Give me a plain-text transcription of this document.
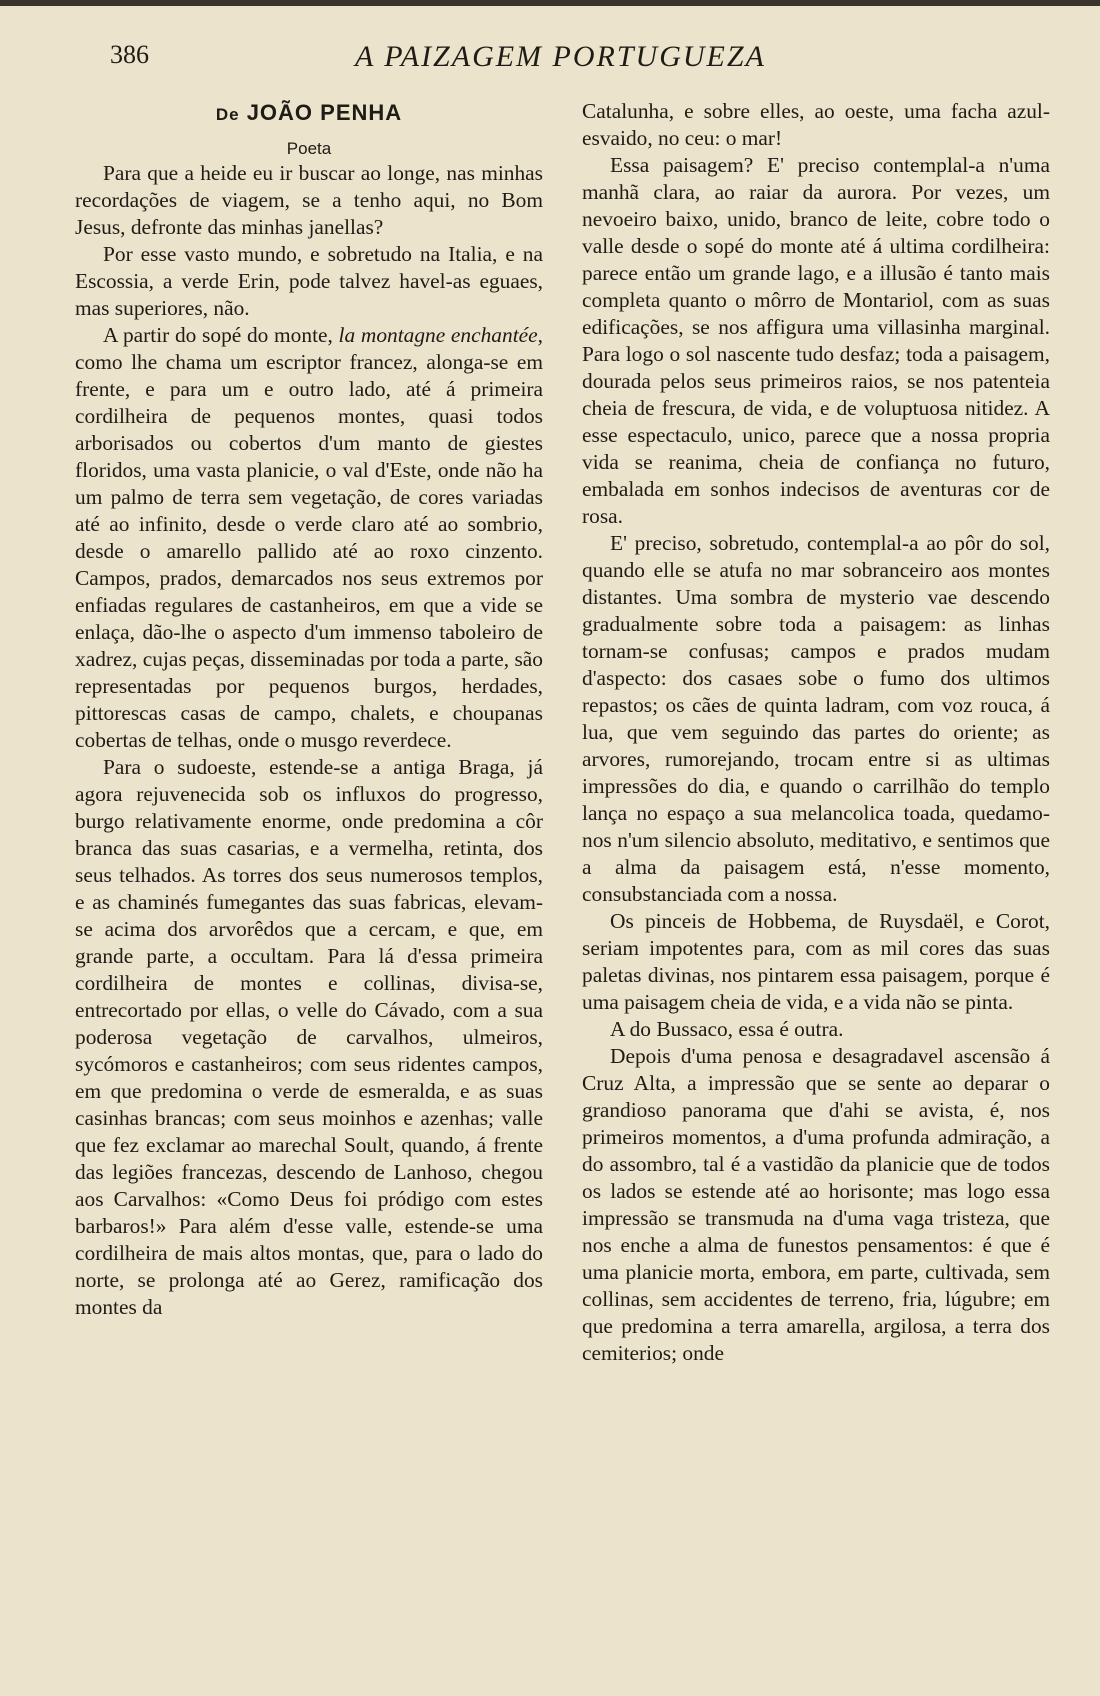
386	A PAIZAGEM PORTUGUEZA
De JOÃO PENHA

Poeta

Para que a heide eu ir buscar ao longe, nas minhas recordações de viagem, se a tenho aqui, no Bom Jesus, defronte das minhas janellas?

Por esse vasto mundo, e sobretudo na Italia, e na Escossia, a verde Erin, pode talvez havel-as eguaes, mas superiores, não.

A partir do sopé do monte, la montagne enchantée, como lhe chama um escriptor francez, alonga-se em frente, e para um e outro lado, até á primeira cordilheira de pequenos montes, quasi todos arborisados ou cobertos d'um manto de giestes floridos, uma vasta planicie, o val d'Este, onde não ha um palmo de terra sem vegetação, de cores variadas até ao infinito, desde o verde claro até ao sombrio, desde o amarello pallido até ao roxo cinzento. Campos, prados, demarcados nos seus extremos por enfiadas regulares de castanheiros, em que a vide se enlaça, dão-lhe o aspecto d'um immenso taboleiro de xadrez, cujas peças, disseminadas por toda a parte, são representadas por pequenos burgos, herdades, pittorescas casas de campo, chalets, e choupanas cobertas de telhas, onde o musgo reverdece.

Para o sudoeste, estende-se a antiga Braga, já agora rejuvenecida sob os influxos do progresso, burgo relativamente enorme, onde predomina a côr branca das suas casarias, e a vermelha, retinta, dos seus telhados. As torres dos seus numerosos templos, e as chaminés fumegantes das suas fabricas, elevam-se acima dos arvorêdos que a cercam, e que, em grande parte, a occultam. Para lá d'essa primeira cordilheira de montes e collinas, divisa-se, entrecortado por ellas, o velle do Cávado, com a sua poderosa vegetação de carvalhos, ulmeiros, sycómoros e castanheiros; com seus ridentes campos, em que predomina o verde de esmeralda, e as suas casinhas brancas; com seus moinhos e azenhas; valle que fez exclamar ao marechal Soult, quando, á frente das legiões francezas, descendo de Lanhoso, chegou aos Carvalhos: «Como Deus foi pródigo com estes barbaros!» Para além d'esse valle, estende-se uma cordilheira de mais altos montas, que, para o lado do norte, se prolonga até ao Gerez, ramificação dos montes da

Catalunha, e sobre elles, ao oeste, uma facha azul-esvaido, no ceu: o mar!

Essa paisagem? E' preciso contemplal-a n'uma manhã clara, ao raiar da aurora. Por vezes, um nevoeiro baixo, unido, branco de leite, cobre todo o valle desde o sopé do monte até á ultima cordilheira: parece então um grande lago, e a illusão é tanto mais completa quanto o môrro de Montariol, com as suas edificações, se nos affigura uma villasinha marginal. Para logo o sol nascente tudo desfaz; toda a paisagem, dourada pelos seus primeiros raios, se nos patenteia cheia de frescura, de vida, e de voluptuosa nitidez. A esse espectaculo, unico, parece que a nossa propria vida se reanima, cheia de confiança no futuro, embalada em sonhos indecisos de aventuras cor de rosa.

E' preciso, sobretudo, contemplal-a ao pôr do sol, quando elle se atufa no mar sobranceiro aos montes distantes. Uma sombra de mysterio vae descendo gradualmente sobre toda a paisagem: as linhas tornam-se confusas; campos e prados mudam d'aspecto: dos casaes sobe o fumo dos ultimos repastos; os cães de quinta ladram, com voz rouca, á lua, que vem seguindo das partes do oriente; as arvores, rumorejando, trocam entre si as ultimas impressões do dia, e quando o carrilhão do templo lança no espaço a sua melancolica toada, quedamo-nos n'um silencio absoluto, meditativo, e sentimos que a alma da paisagem está, n'esse momento, consubstanciada com a nossa.

Os pinceis de Hobbema, de Ruysdaël, e Corot, seriam impotentes para, com as mil cores das suas paletas divinas, nos pintarem essa paisagem, porque é uma paisagem cheia de vida, e a vida não se pinta.

A do Bussaco, essa é outra.

Depois d'uma penosa e desagradavel ascensão á Cruz Alta, a impressão que se sente ao deparar o grandioso panorama que d'ahi se avista, é, nos primeiros momentos, a d'uma profunda admiração, a do assombro, tal é a vastidão da planicie que de todos os lados se estende até ao horisonte; mas logo essa impressão se transmuda na d'uma vaga tristeza, que nos enche a alma de funestos pensamentos: é que é uma planicie morta, embora, em parte, cultivada, sem collinas, sem accidentes de terreno, fria, lúgubre; em que predomina a terra amarella, argilosa, a terra dos cemiterios; onde
